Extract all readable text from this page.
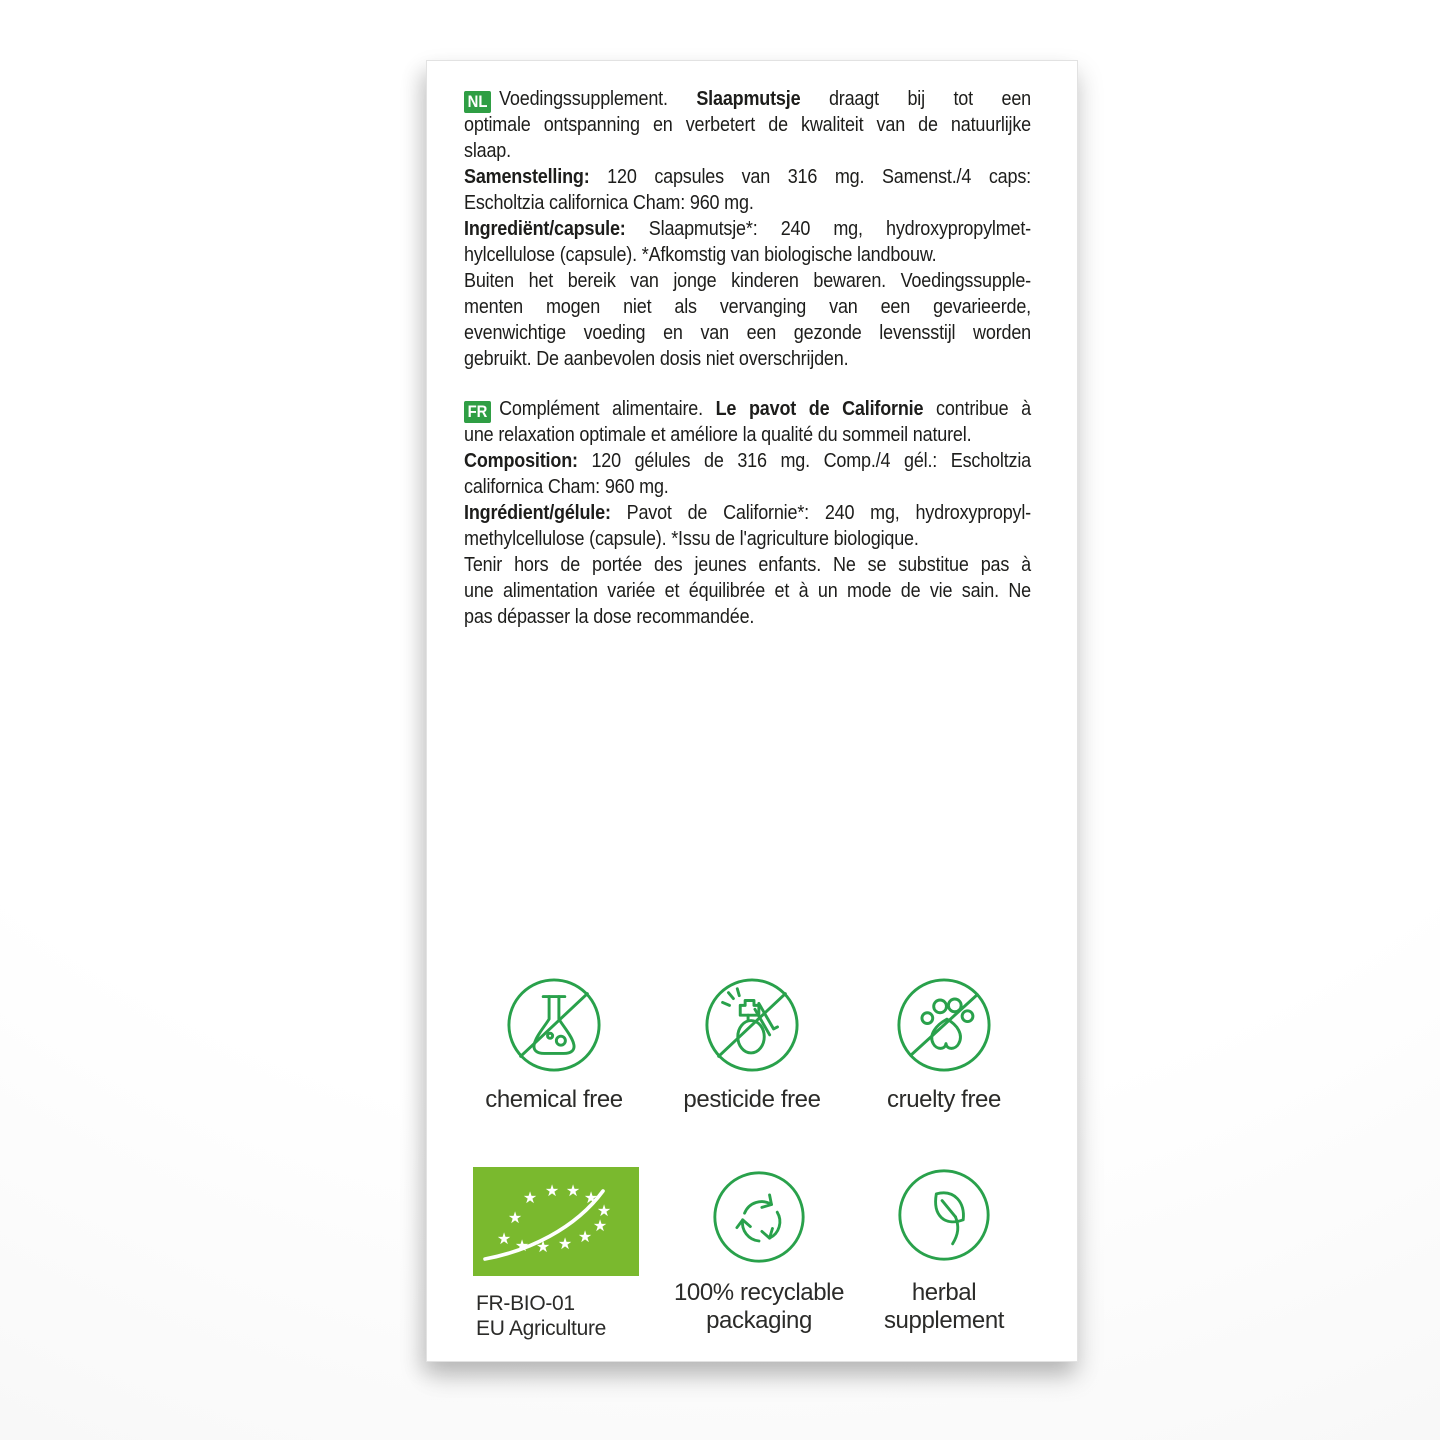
NL Voedingssupplement. Slaapmutsje draagt bij tot een
optimale ontspanning en verbetert de kwaliteit van de natuurlijke
slaap.
Samenstelling: 120 capsules van 316 mg. Samenst./4 caps:
Escholtzia californica Cham: 960 mg.
Ingrediënt/capsule: Slaapmutsje*: 240 mg, hydroxypropylmet-
hylcellulose (capsule). *Afkomstig van biologische landbouw.
Buiten het bereik van jonge kinderen bewaren. Voedingssupple-
menten mogen niet als vervanging van een gevarieerde,
evenwichtige voeding en van een gezonde levensstijl worden
gebruikt. De aanbevolen dosis niet overschrijden.
FR Complément alimentaire. Le pavot de Californie contribue à
une relaxation optimale et améliore la qualité du sommeil naturel.
Composition: 120 gélules de 316 mg. Comp./4 gél.: Escholtzia
californica Cham: 960 mg.
Ingrédient/gélule: Pavot de Californie*: 240 mg, hydroxypropyl-
methylcellulose (capsule). *Issu de l'agriculture biologique.
Tenir hors de portée des jeunes enfants. Ne se substitue pas à
une alimentation variée et équilibrée et à un mode de vie sain. Ne
pas dépasser la dose recommandée.
chemical free	pesticide free	cruelty free
★ ★ ★ ★
★
★
★
★
★
★
★
★
FR-BIO-01
EU Agriculture
100% recyclable
packaging
herbal
supplement
